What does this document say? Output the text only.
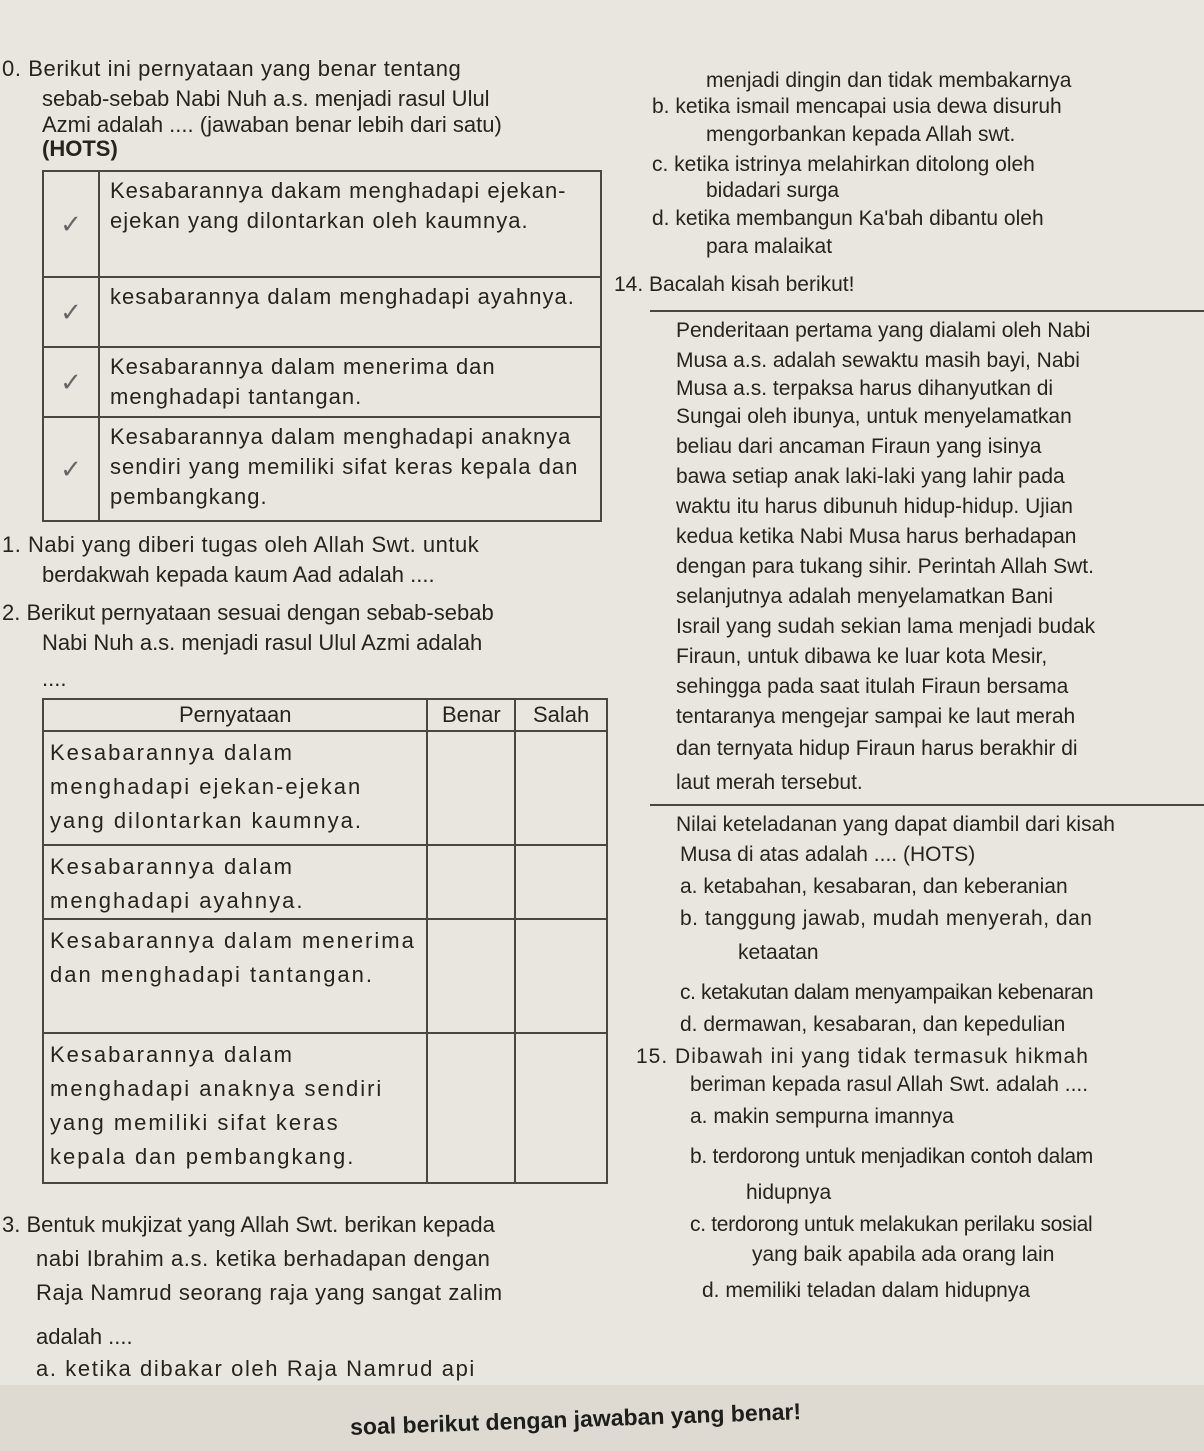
0. Berikut ini pernyataan yang benar tentang
sebab-sebab Nabi Nuh a.s. menjadi rasul Ulul
Azmi adalah .... (jawaban benar lebih dari satu)
(HOTS)
✓	Kesabarannya dakam menghadapi ejekan-ejekan yang dilontarkan oleh kaumnya.
✓	kesabarannya dalam menghadapi ayahnya.
✓	Kesabarannya dalam menerima dan menghadapi tantangan.
✓	Kesabarannya dalam menghadapi anaknya sendiri yang memiliki sifat keras kepala dan pembangkang.
1. Nabi yang diberi tugas oleh Allah Swt. untuk
berdakwah kepada kaum Aad adalah ....
2. Berikut pernyataan sesuai dengan sebab-sebab
Nabi Nuh a.s. menjadi rasul Ulul Azmi adalah
....
Pernyataan	Benar	Salah
Kesabarannya dalam menghadapi ejekan-ejekan yang dilontarkan kaumnya.		
Kesabarannya dalam menghadapi ayahnya.		
Kesabarannya dalam menerima dan menghadapi tantangan.		
Kesabarannya dalam menghadapi anaknya sendiri yang memiliki sifat keras kepala dan pembangkang.		
3. Bentuk mukjizat yang Allah Swt. berikan kepada
nabi Ibrahim a.s. ketika berhadapan dengan
Raja Namrud seorang raja yang sangat zalim
adalah ....
a. ketika dibakar oleh Raja Namrud api
menjadi dingin dan tidak membakarnya
b. ketika ismail mencapai usia dewa disuruh
mengorbankan kepada Allah swt.
c. ketika istrinya melahirkan ditolong oleh
bidadari surga
d. ketika membangun Ka'bah dibantu oleh
para malaikat
14. Bacalah kisah berikut!
Penderitaan pertama yang dialami oleh Nabi
Musa a.s. adalah sewaktu masih bayi, Nabi
Musa a.s. terpaksa harus dihanyutkan di
Sungai oleh ibunya, untuk menyelamatkan
beliau dari ancaman Firaun yang isinya
bawa setiap anak laki-laki yang lahir pada
waktu itu harus dibunuh hidup-hidup. Ujian
kedua ketika Nabi Musa harus berhadapan
dengan para tukang sihir. Perintah Allah Swt.
selanjutnya adalah menyelamatkan Bani
Israil yang sudah sekian lama menjadi budak
Firaun, untuk dibawa ke luar kota Mesir,
sehingga pada saat itulah Firaun bersama
tentaranya mengejar sampai ke laut merah
dan ternyata hidup Firaun harus berakhir di
laut merah tersebut.
Nilai keteladanan yang dapat diambil dari kisah
Musa di atas adalah .... (HOTS)
a. ketabahan, kesabaran, dan keberanian
b. tanggung jawab, mudah menyerah, dan
ketaatan
c. ketakutan dalam menyampaikan kebenaran
d. dermawan, kesabaran, dan kepedulian
15. Dibawah ini yang tidak termasuk hikmah
beriman kepada rasul Allah Swt. adalah ....
a. makin sempurna imannya
b. terdorong untuk menjadikan contoh dalam
hidupnya
c. terdorong untuk melakukan perilaku sosial
yang baik apabila ada orang lain
d. memiliki teladan dalam hidupnya
soal berikut dengan jawaban yang benar!
